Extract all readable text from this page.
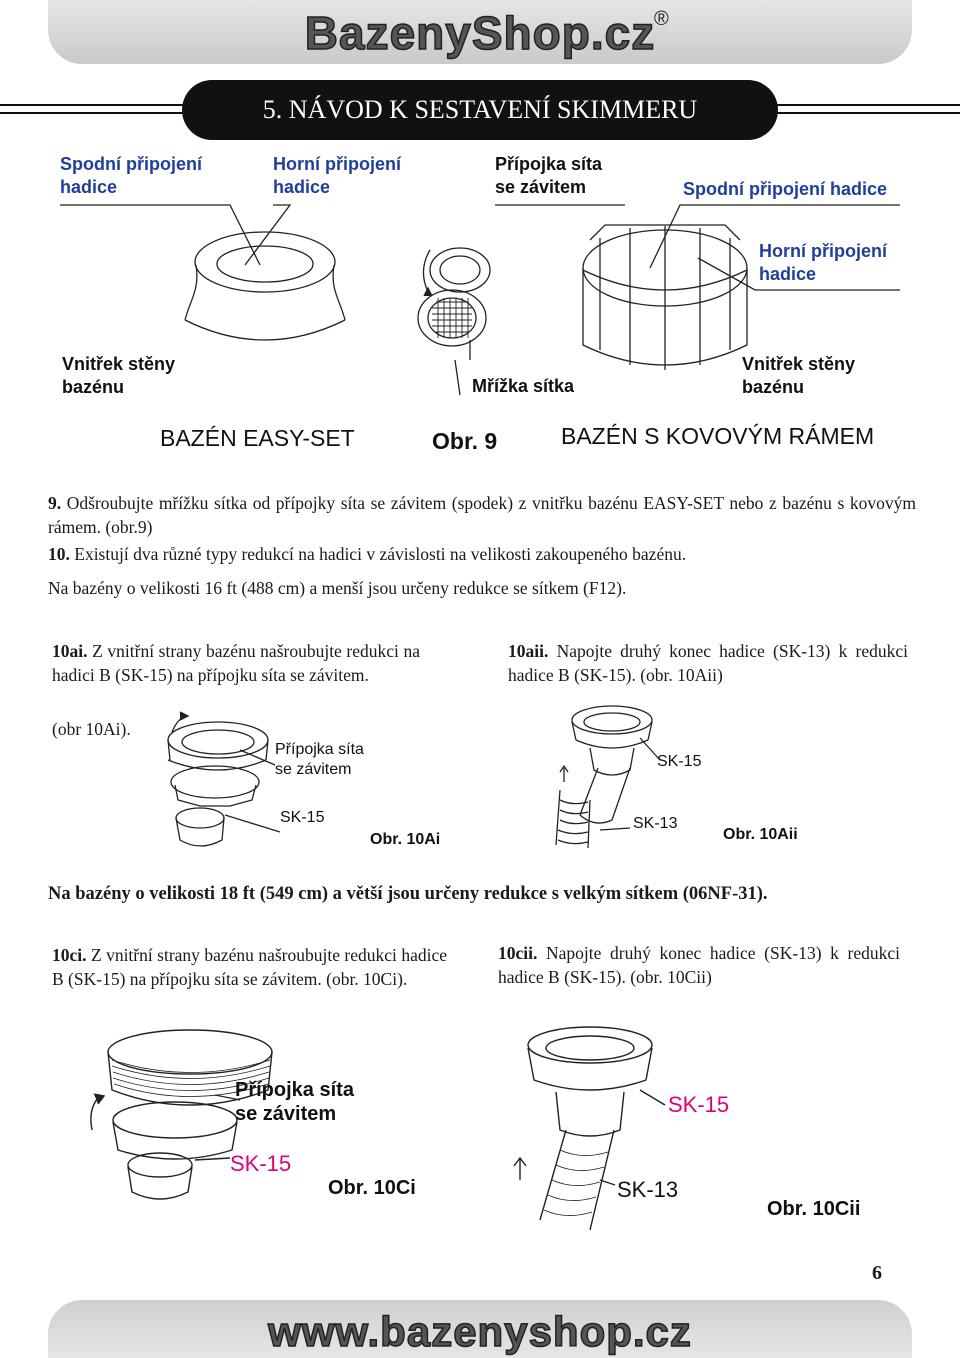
BazenyShop.cz
®
5. NÁVOD K SESTAVENÍ SKIMMERU
Spodní připojení
hadice
Horní připojení
hadice
Přípojka síta
se závitem	Spodní připojení hadice
Horní připojení
hadice
Vnitřek stěny
bazénu	Mřížka sítka
Vnitřek stěny
bazénu
BAZÉN EASY-SET	Obr. 9	BAZÉN S KOVOVÝM RÁMEM
9. Odšroubujte mřížku sítka od přípojky síta se závitem (spodek) z vnitřku bazénu EASY-SET nebo z bazénu s kovovým rámem. (obr.9)
10. Existují dva různé typy redukcí na hadici v závislosti na velikosti zakoupeného bazénu.
Na bazény o velikosti 16 ft (488 cm) a menší jsou určeny redukce se sítkem (F12).
10ai. Z vnitřní strany bazénu našroubujte redukci na hadici B (SK-15) na přípojku síta se závitem.
(obr 10Ai).
10aii. Napojte druhý konec hadice (SK-13) k redukci hadice B (SK-15). (obr. 10Aii)
Přípojka síta
se závitem
SK-15
Obr. 10Ai
SK-15
SK-13
Obr. 10Aii
Na bazény o velikosti 18 ft (549 cm) a větší jsou určeny redukce s velkým sítkem (06NF-31).
10ci. Z vnitřní strany bazénu našroubujte redukci hadice B (SK-15) na přípojku síta se závitem. (obr. 10Ci).
10cii. Napojte druhý konec hadice (SK-13) k redukci hadice B (SK-15). (obr. 10Cii)
Přípojka síta
se závitem
SK-15
Obr. 10Ci
SK-15
SK-13
Obr. 10Cii
6
www.bazenyshop.cz
